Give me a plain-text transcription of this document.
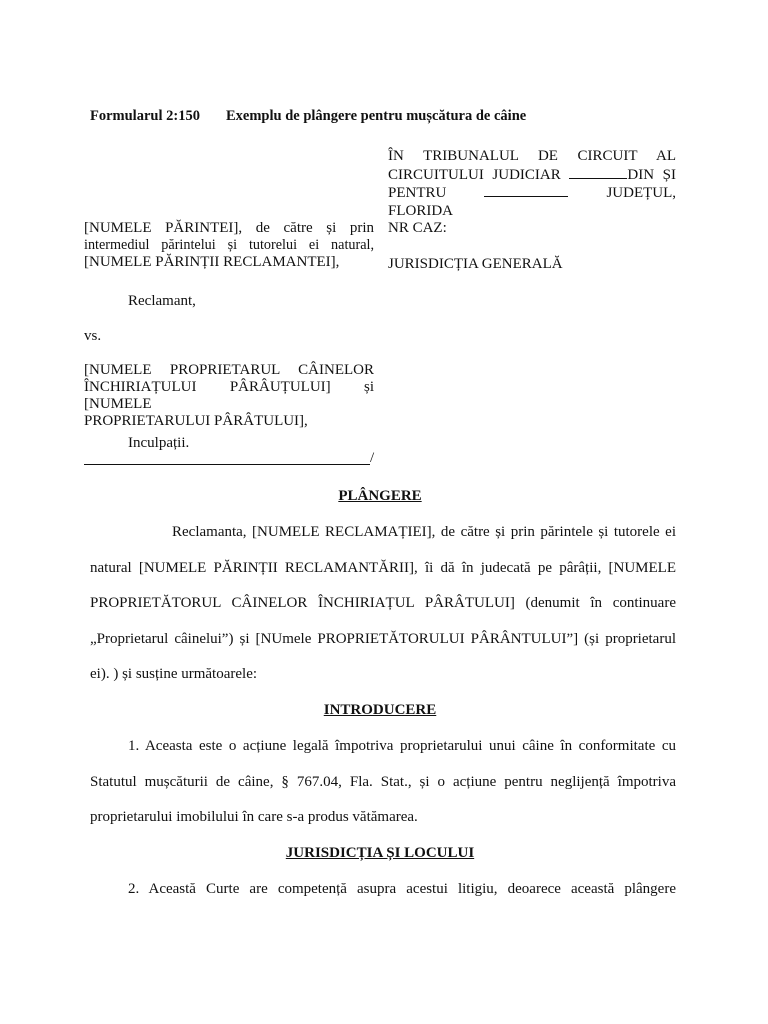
Formularul 2:150 Exemplu de plângere pentru mușcătura de câine
ÎN TRIBUNALUL DE CIRCUIT AL
CIRCUITULUI JUDICIAR	DIN ȘI
PENTRU	JUDEȚUL, FLORIDA
NR CAZ:
JURISDICȚIA GENERALĂ
[NUMELE PĂRINTEI], de către și prin
intermediul părintelui și tutorelui ei natural,
[NUMELE PĂRINȚII RECLAMANTEI],
Reclamant,
vs.
[NUMELE PROPRIETARUL CÂINELOR
ÎNCHIRIAȚULUI PÂRÂUȚULUI] și [NUMELE
PROPRIETARULUI PÂRÂTULUI],
Inculpații.
/
PLÂNGERE
Reclamanta, [NUMELE RECLAMAȚIEI], de către și prin părintele și tutorele ei
natural [NUMELE PĂRINȚII RECLAMANTĂRII], îi dă în judecată pe pârâții, [NUMELE
PROPRIETĂTORUL CÂINELOR ÎNCHIRIAȚUL PÂRÂTULUI] (denumit în continuare
„Proprietarul câinelui”) și [NUmele PROPRIETĂTORULUI PÂRÂNTULUI”] (și proprietarul
ei). ) și susține următoarele:
INTRODUCERE
1. Aceasta este o acțiune legală împotriva proprietarului unui câine în conformitate cu
Statutul mușcăturii de câine, § 767.04, Fla. Stat., și o acțiune pentru neglijență împotriva
proprietarului imobilului în care s-a produs vătămarea.
JURISDICȚIA ȘI LOCULUI
2. Această Curte are competență asupra acestui litigiu, deoarece această plângere
